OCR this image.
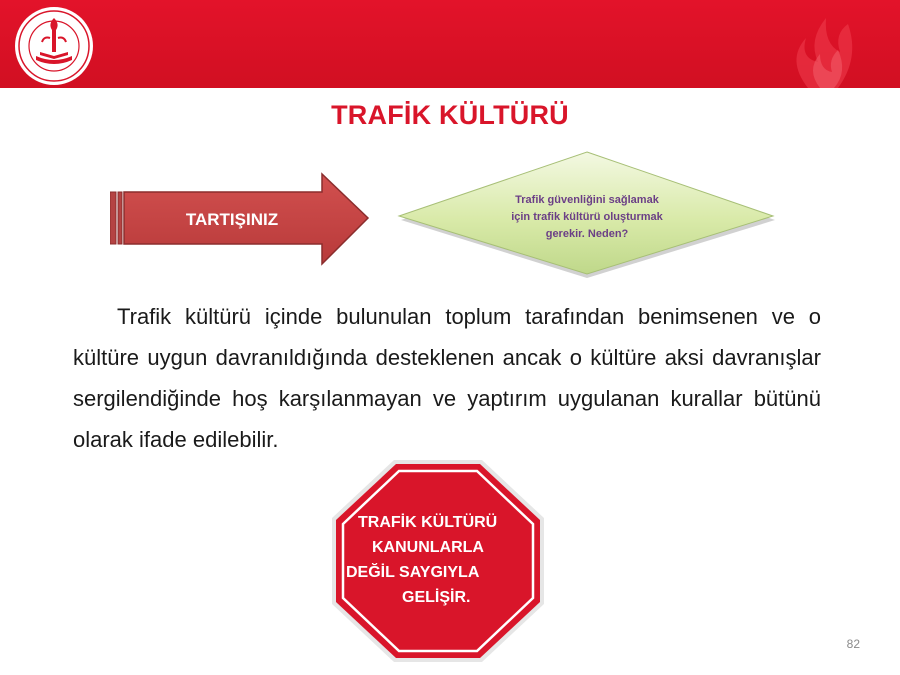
TRAFİK KÜLTÜRÜ
TARTIŞINIZ
Trafik güvenliğini sağlamak
için trafik kültürü oluşturmak
gerekir. Neden?

Trafik kültürü içinde bulunulan toplum tarafından benimsenen ve o kültüre uygun davranıldığında desteklenen ancak o kültüre aksi davranışlar sergilendiğinde hoş karşılanmayan ve yaptırım uygulanan kurallar bütünü olarak ifade edilebilir.

TRAFİK KÜLTÜRÜ
KANUNLARLA
DEĞİL SAYGIYLA
GELİŞİR.
82
